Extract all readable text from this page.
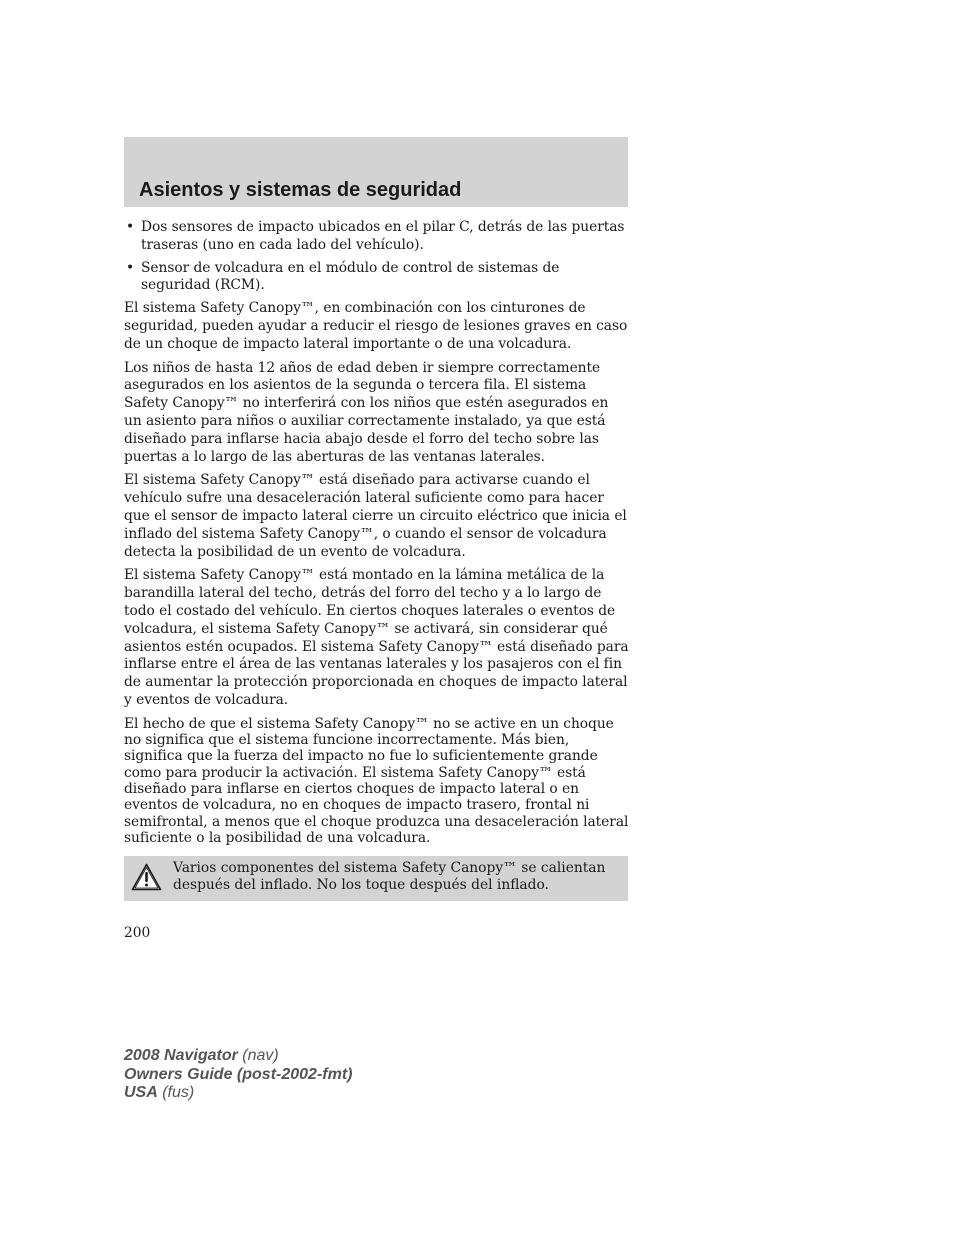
Asientos y sistemas de seguridad
• Dos sensores de impacto ubicados en el pilar C, detrás de las puertas traseras (uno en cada lado del vehículo).
• Sensor de volcadura en el módulo de control de sistemas de seguridad (RCM).

El sistema Safety Canopy™, en combinación con los cinturones de seguridad, pueden ayudar a reducir el riesgo de lesiones graves en caso de un choque de impacto lateral importante o de una volcadura.

Los niños de hasta 12 años de edad deben ir siempre correctamente asegurados en los asientos de la segunda o tercera fila. El sistema Safety Canopy™ no interferirá con los niños que estén asegurados en un asiento para niños o auxiliar correctamente instalado, ya que está diseñado para inflarse hacia abajo desde el forro del techo sobre las puertas a lo largo de las aberturas de las ventanas laterales.

El sistema Safety Canopy™ está diseñado para activarse cuando el vehículo sufre una desaceleración lateral suficiente como para hacer que el sensor de impacto lateral cierre un circuito eléctrico que inicia el inflado del sistema Safety Canopy™, o cuando el sensor de volcadura detecta la posibilidad de un evento de volcadura.

El sistema Safety Canopy™ está montado en la lámina metálica de la barandilla lateral del techo, detrás del forro del techo y a lo largo de todo el costado del vehículo. En ciertos choques laterales o eventos de volcadura, el sistema Safety Canopy™ se activará, sin considerar qué asientos estén ocupados. El sistema Safety Canopy™ está diseñado para inflarse entre el área de las ventanas laterales y los pasajeros con el fin de aumentar la protección proporcionada en choques de impacto lateral y eventos de volcadura.

El hecho de que el sistema Safety Canopy™ no se active en un choque no significa que el sistema funcione incorrectamente. Más bien, significa que la fuerza del impacto no fue lo suficientemente grande como para producir la activación. El sistema Safety Canopy™ está diseñado para inflarse en ciertos choques de impacto lateral o en eventos de volcadura, no en choques de impacto trasero, frontal ni semifrontal, a menos que el choque produzca una desaceleración lateral suficiente o la posibilidad de una volcadura.

Varios componentes del sistema Safety Canopy™ se calientan después del inflado. No los toque después del inflado.
200
2008 Navigator (nav)
Owners Guide (post-2002-fmt)
USA (fus)
